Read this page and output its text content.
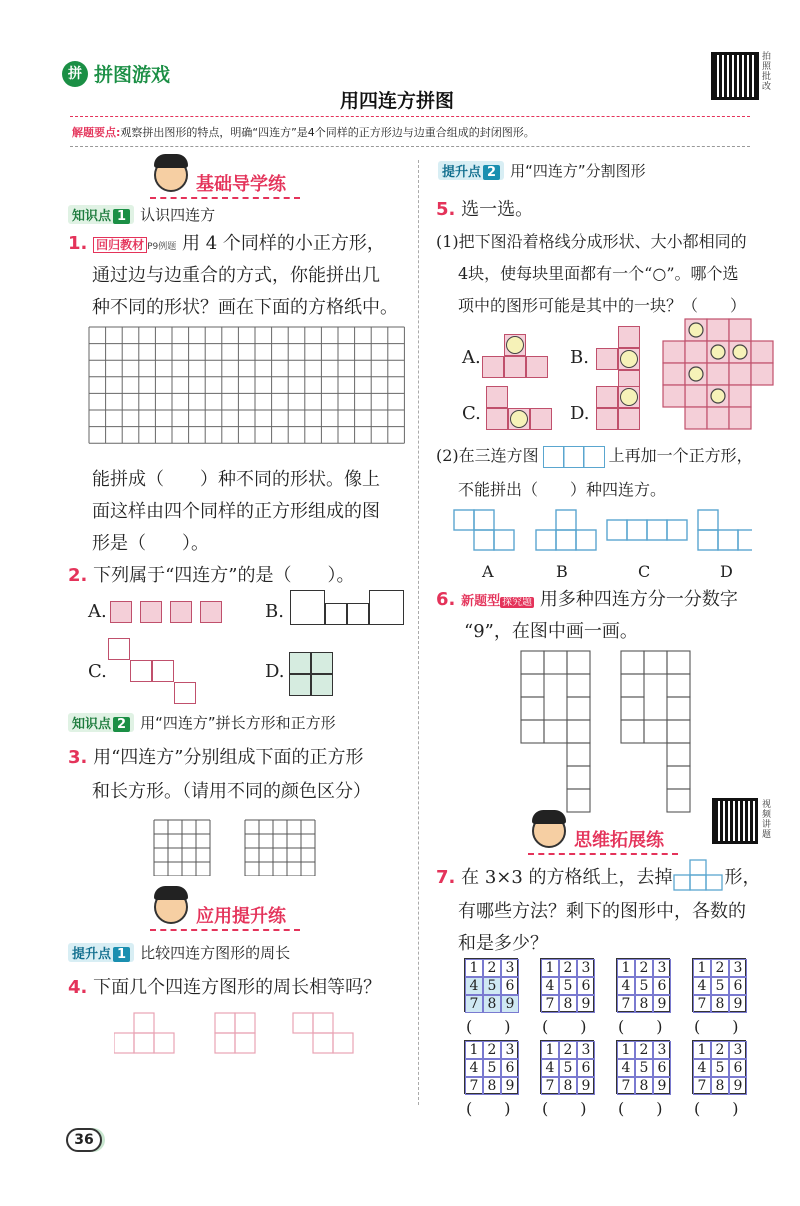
拼 拼图游戏
用四连方拼图
拍照批改
解题要点:观察拼出图形的特点，明确“四连方”是4个同样的正方形边与边重合组成的封闭图形。
基础导学练
知识点 1 认识四连方
1. 回归教材 P9例题 用 4 个同样的小正方形，
通过边与边重合的方式，你能拼出几
种不同的形状？画在下面的方格纸中。
能拼成（　　）种不同的形状。像上
面这样由四个同样的正方形组成的图
形是（　　）。
2. 下列属于“四连方”的是（　　）。
A.	B.
C.	D.
知识点 2 用“四连方”拼长方形和正方形
3. 用“四连方”分别组成下面的正方形
和长方形。（请用不同的颜色区分）
应用提升练
提升点 1 比较四连方图形的周长
4. 下面几个四连方图形的周长相等吗？
提升点 2 用“四连方”分割图形
5. 选一选。
(1)把下图沿着格线分成形状、大小都相同的
4块，使每块里面都有一个“○”。哪个选
项中的图形可能是其中的一块？（　　）
A.	B.
C.	D.
(2)在三连方图	上再加一个正方形，
不能拼出（　　）种四连方。
A	B	C	D
6. 新题型 探究题 用多种四连方分一分数字
“9”，在图中画一画。
视频讲题
思维拓展练
7. 在 3×3 的方格纸上，去掉	形，
有哪些方法？剩下的图形中，各数的
和是多少？
1 2 3
4 5 6
7 8 9
(　　)
1 2 3
4 5 6
7 8 9
(　　)
1 2 3
4 5 6
7 8 9
(　　)
1 2 3
4 5 6
7 8 9
(　　)
1 2 3
4 5 6
7 8 9
(　　)
1 2 3
4 5 6
7 8 9
(　　)
1 2 3
4 5 6
7 8 9
(　　)
1 2 3
4 5 6
7 8 9
(　　)
36
